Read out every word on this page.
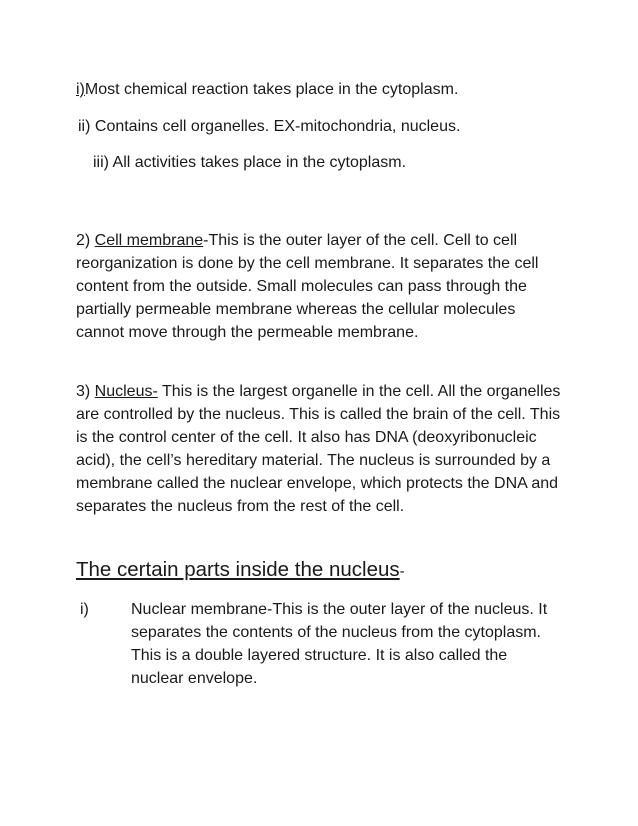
i)Most chemical reaction takes place in the cytoplasm.
ii) Contains cell organelles. EX-mitochondria, nucleus.
iii) All activities takes place in the cytoplasm.
2) Cell membrane-This is the outer layer of the cell. Cell to cell reorganization is done by the cell membrane. It separates the cell content from the outside. Small molecules can pass through the partially permeable membrane whereas the cellular molecules cannot move through the permeable membrane.
3) Nucleus- This is the largest organelle in the cell. All the organelles are controlled by the nucleus. This is called the brain of the cell. This is the control center of the cell. It also has DNA (deoxyribonucleic acid), the cell’s hereditary material. The nucleus is surrounded by a membrane called the nuclear envelope, which protects the DNA and separates the nucleus from the rest of the cell.
The certain parts inside the nucleus-
i)	Nuclear membrane-This is the outer layer of the nucleus. It separates the contents of the nucleus from the cytoplasm. This is a double layered structure. It is also called the nuclear envelope.
